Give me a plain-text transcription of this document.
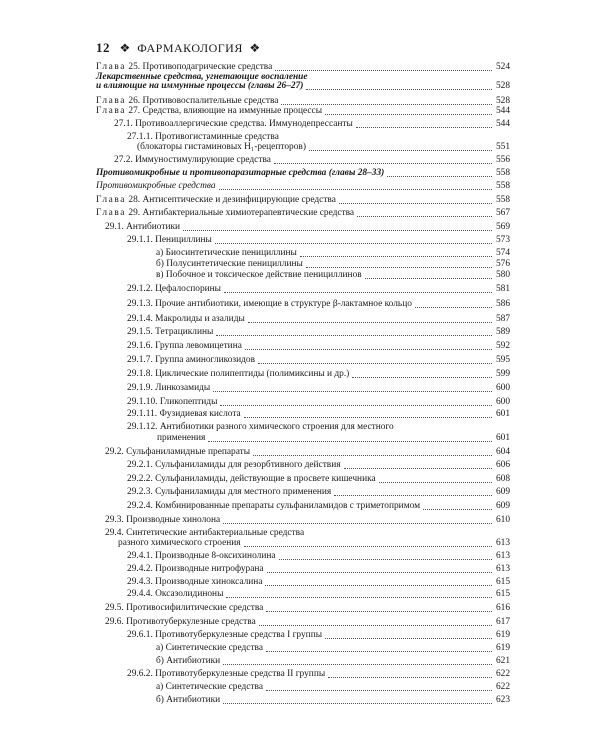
12 ❖ ФАРМАКОЛОГИЯ ❖
Глава 25. Противоподагрические средства	524
Лекарственные средства, угнетающие воспаление
и влияющие на иммунные процессы (главы 26–27)	528
Глава 26. Противовоспалительные средства	528
Глава 27. Средства, влияющие на иммунные процессы	544
27.1. Противоаллергические средства. Иммунодепрессанты	544
27.1.1. Противогистаминные средства
(блокаторы гистаминовых H₁-рецепторов)	551
27.2. Иммуностимулирующие средства	556
Противомикробные и противопаразитарные средства (главы 28–33)	558
Противомикробные средства	558
Глава 28. Антисептические и дезинфицирующие средства	558
Глава 29. Антибактериальные химиотерапевтические средства	567
29.1. Антибиотики	569
29.1.1. Пенициллины	573
а) Биосинтетические пенициллины	574
б) Полусинтетические пенициллины	576
в) Побочное и токсическое действие пенициллинов	580
29.1.2. Цефалоспорины	581
29.1.3. Прочие антибиотики, имеющие в структуре β-лактамное кольцо	586
29.1.4. Макролиды и азалиды	587
29.1.5. Тетрациклины	589
29.1.6. Группа левомицетина	592
29.1.7. Группа аминогликозидов	595
29.1.8. Циклические полипептиды (полимиксины и др.)	599
29.1.9. Линкозамиды	600
29.1.10. Гликопептиды	600
29.1.11. Фузидиевая кислота	601
29.1.12. Антибиотики разного химического строения для местного
применения	601
29.2. Сульфаниламидные препараты	604
29.2.1. Сульфаниламиды для резорбтивного действия	606
29.2.2. Сульфаниламиды, действующие в просвете кишечника	608
29.2.3. Сульфаниламиды для местного применения	609
29.2.4. Комбинированные препараты сульфаниламидов с триметопримом	609
29.3. Производные хинолона	610
29.4. Синтетические антибактериальные средства
разного химического строения	613
29.4.1. Производные 8-оксихинолина	613
29.4.2. Производные нитрофурана	613
29.4.3. Производные хиноксалина	615
29.4.4. Оксазолидиноны	615
29.5. Противосифилитические средства	616
29.6. Противотуберкулезные средства	617
29.6.1. Противотуберкулезные средства I группы	619
а) Синтетические средства	619
б) Антибиотики	621
29.6.2. Противотуберкулезные средства II группы	622
а) Синтетические средства	622
б) Антибиотики	623
